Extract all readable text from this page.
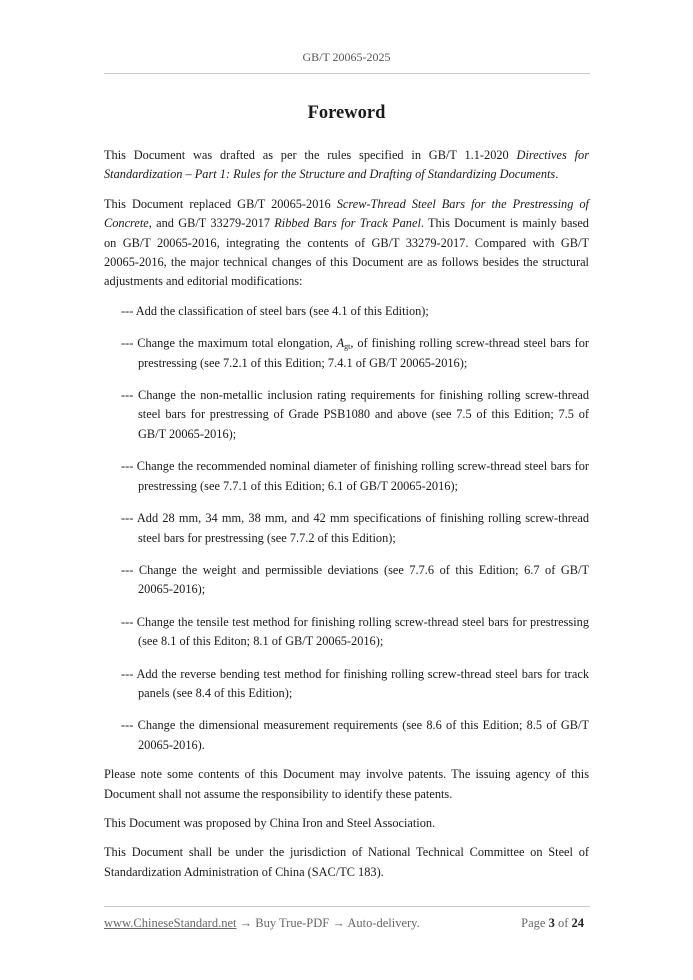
GB/T 20065-2025
Foreword

This Document was drafted as per the rules specified in GB/T 1.1-2020 Directives for Standardization – Part 1: Rules for the Structure and Drafting of Standardizing Documents.

This Document replaced GB/T 20065-2016 Screw-Thread Steel Bars for the Prestressing of Concrete, and GB/T 33279-2017 Ribbed Bars for Track Panel. This Document is mainly based on GB/T 20065-2016, integrating the contents of GB/T 33279-2017. Compared with GB/T 20065-2016, the major technical changes of this Document are as follows besides the structural adjustments and editorial modifications:

--- Add the classification of steel bars (see 4.1 of this Edition);
--- Change the maximum total elongation, $A_{gt}$, of finishing rolling screw-thread steel bars for prestressing (see 7.2.1 of this Edition; 7.4.1 of GB/T 20065-2016);
--- Change the non-metallic inclusion rating requirements for finishing rolling screw-thread steel bars for prestressing of Grade PSB1080 and above (see 7.5 of this Edition; 7.5 of GB/T 20065-2016);
--- Change the recommended nominal diameter of finishing rolling screw-thread steel bars for prestressing (see 7.7.1 of this Edition; 6.1 of GB/T 20065-2016);
--- Add 28 mm, 34 mm, 38 mm, and 42 mm specifications of finishing rolling screw-thread steel bars for prestressing (see 7.7.2 of this Edition);
--- Change the weight and permissible deviations (see 7.7.6 of this Edition; 6.7 of GB/T 20065-2016);
--- Change the tensile test method for finishing rolling screw-thread steel bars for prestressing (see 8.1 of this Editon; 8.1 of GB/T 20065-2016);
--- Add the reverse bending test method for finishing rolling screw-thread steel bars for track panels (see 8.4 of this Edition);
--- Change the dimensional measurement requirements (see 8.6 of this Edition; 8.5 of GB/T 20065-2016).

Please note some contents of this Document may involve patents. The issuing agency of this Document shall not assume the responsibility to identify these patents.

This Document was proposed by China Iron and Steel Association.

This Document shall be under the jurisdiction of National Technical Committee on Steel of Standardization Administration of China (SAC/TC 183).

www.ChineseStandard.net → Buy True-PDF → Auto-delivery.	Page 3 of 24
